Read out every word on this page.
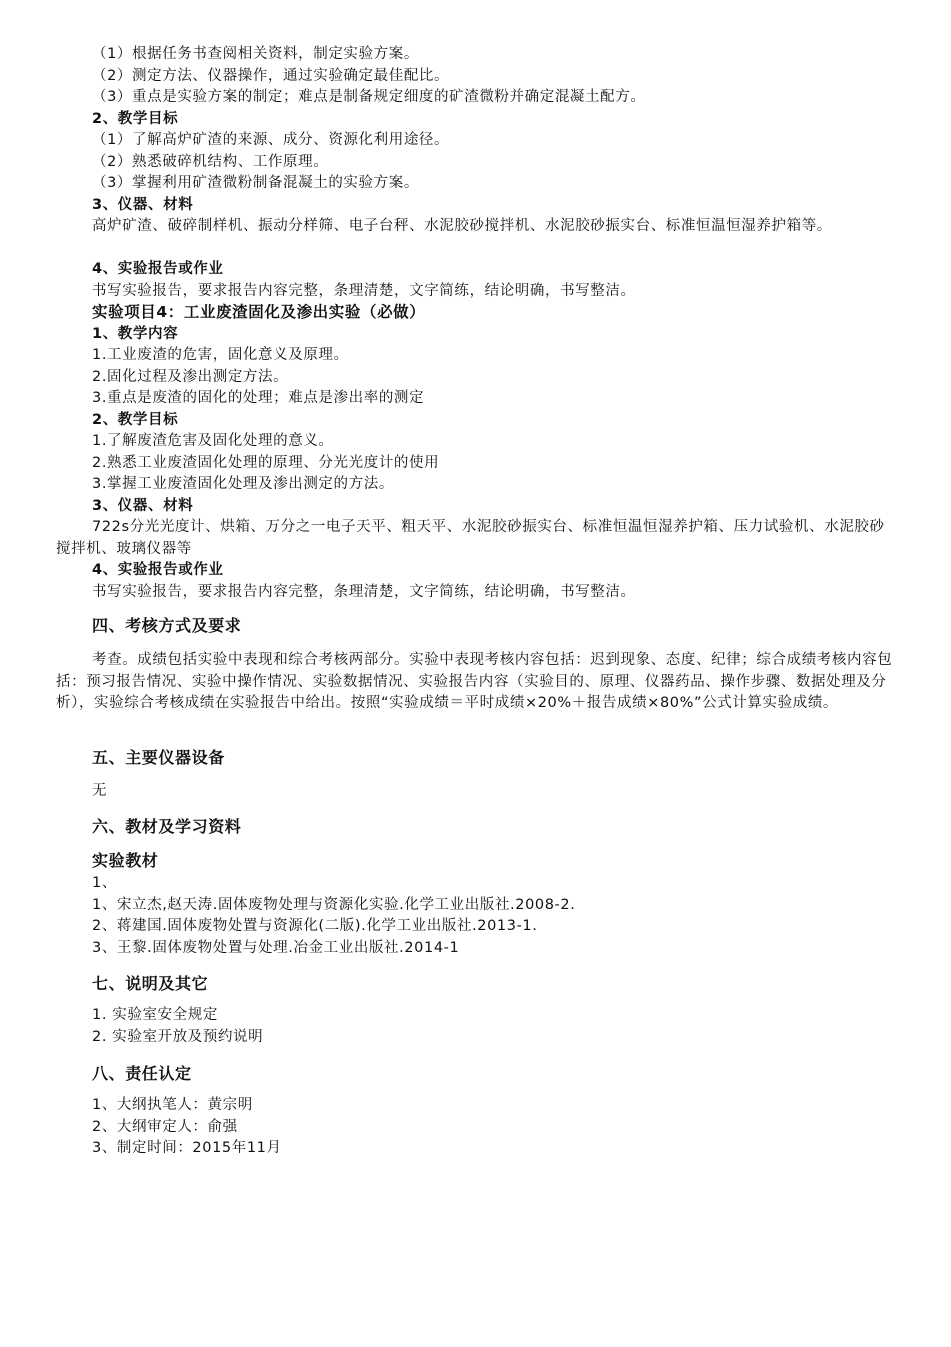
（1）根据任务书查阅相关资料，制定实验方案。
（2）测定方法、仪器操作，通过实验确定最佳配比。
（3）重点是实验方案的制定；难点是制备规定细度的矿渣微粉并确定混凝土配方。
2、教学目标
（1）了解高炉矿渣的来源、成分、资源化利用途径。
（2）熟悉破碎机结构、工作原理。
（3）掌握利用矿渣微粉制备混凝土的实验方案。
3、仪器、材料
高炉矿渣、破碎制样机、振动分样筛、电子台秤、水泥胶砂搅拌机、水泥胶砂振实台、标准恒温恒湿养护箱等。
4、实验报告或作业
书写实验报告，要求报告内容完整，条理清楚，文字简练，结论明确，书写整洁。
实验项目4：工业废渣固化及渗出实验（必做）
1、教学内容
1.工业废渣的危害，固化意义及原理。
2.固化过程及渗出测定方法。
3.重点是废渣的固化的处理；难点是渗出率的测定
2、教学目标
1.了解废渣危害及固化处理的意义。
2.熟悉工业废渣固化处理的原理、分光光度计的使用
3.掌握工业废渣固化处理及渗出测定的方法。
3、仪器、材料
722s分光光度计、烘箱、万分之一电子天平、粗天平、水泥胶砂振实台、标准恒温恒湿养护箱、压力试验机、水泥胶砂搅拌机、玻璃仪器等
4、实验报告或作业
书写实验报告，要求报告内容完整，条理清楚，文字简练，结论明确，书写整洁。
四、考核方式及要求
考查。成绩包括实验中表现和综合考核两部分。实验中表现考核内容包括：迟到现象、态度、纪律；综合成绩考核内容包括：预习报告情况、实验中操作情况、实验数据情况、实验报告内容（实验目的、原理、仪器药品、操作步骤、数据处理及分析），实验综合考核成绩在实验报告中给出。按照“实验成绩＝平时成绩×20%＋报告成绩×80%”公式计算实验成绩。
五、主要仪器设备
无
六、教材及学习资料
实验教材
1、
1、宋立杰,赵天涛.固体废物处理与资源化实验.化学工业出版社.2008-2.
2、蒋建国.固体废物处置与资源化(二版).化学工业出版社.2013-1.
3、王黎.固体废物处置与处理.冶金工业出版社.2014-1
七、说明及其它
1. 实验室安全规定
2. 实验室开放及预约说明
八、责任认定
1、大纲执笔人：黄宗明
2、大纲审定人：俞强
3、制定时间：2015年11月
